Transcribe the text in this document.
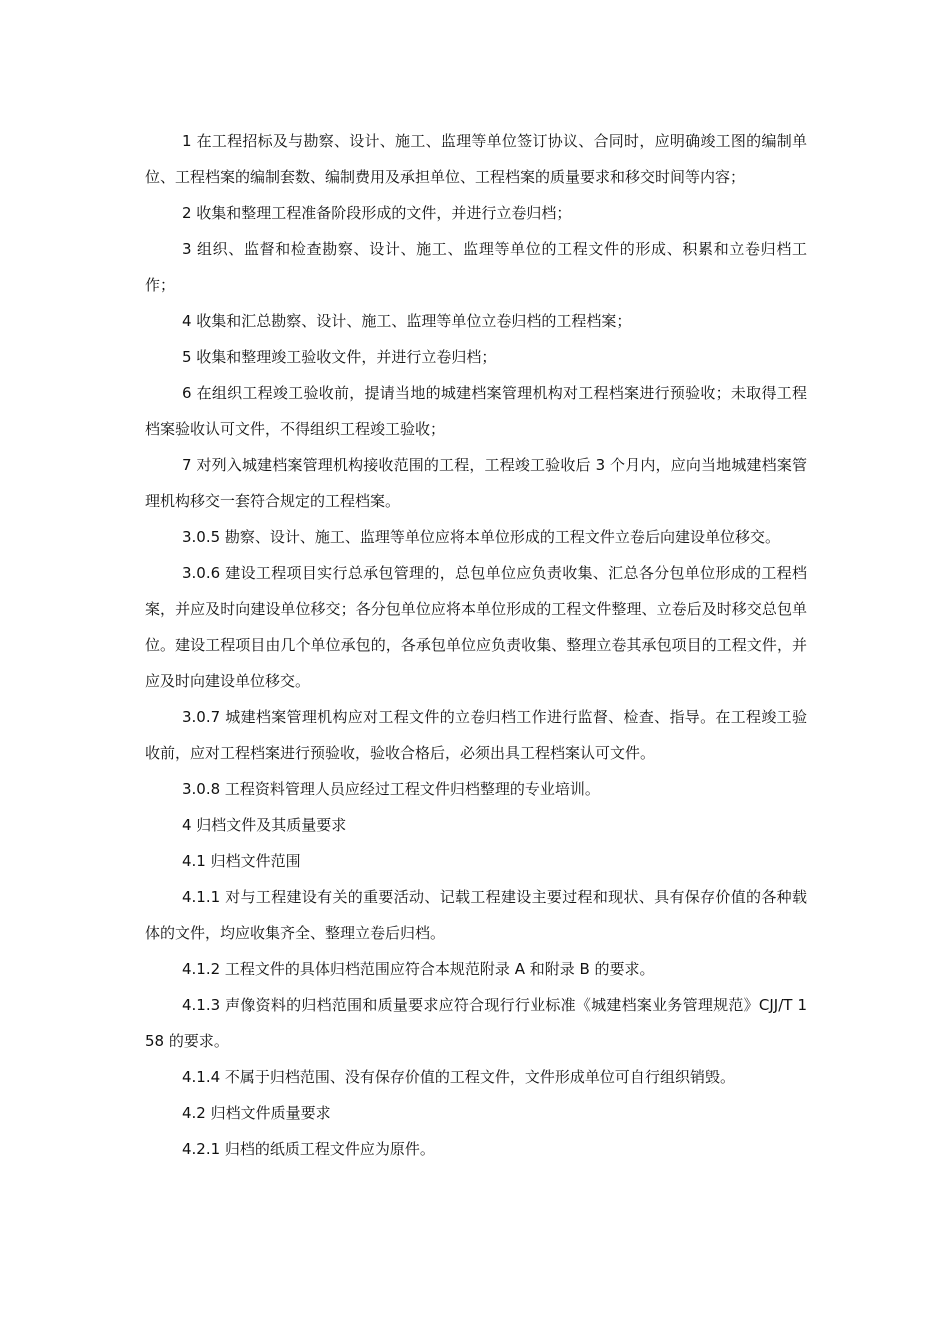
1 在工程招标及与勘察、设计、施工、监理等单位签订协议、合同时，应明确竣工图的编制单位、工程档案的编制套数、编制费用及承担单位、工程档案的质量要求和移交时间等内容；

2 收集和整理工程准备阶段形成的文件，并进行立卷归档；

3 组织、监督和检查勘察、设计、施工、监理等单位的工程文件的形成、积累和立卷归档工作；

4 收集和汇总勘察、设计、施工、监理等单位立卷归档的工程档案；

5 收集和整理竣工验收文件，并进行立卷归档；

6 在组织工程竣工验收前，提请当地的城建档案管理机构对工程档案进行预验收；未取得工程档案验收认可文件，不得组织工程竣工验收；

7 对列入城建档案管理机构接收范围的工程，工程竣工验收后 3 个月内，应向当地城建档案管理机构移交一套符合规定的工程档案。

3.0.5 勘察、设计、施工、监理等单位应将本单位形成的工程文件立卷后向建设单位移交。

3.0.6 建设工程项目实行总承包管理的，总包单位应负责收集、汇总各分包单位形成的工程档案，并应及时向建设单位移交；各分包单位应将本单位形成的工程文件整理、立卷后及时移交总包单位。建设工程项目由几个单位承包的，各承包单位应负责收集、整理立卷其承包项目的工程文件，并应及时向建设单位移交。

3.0.7 城建档案管理机构应对工程文件的立卷归档工作进行监督、检查、指导。在工程竣工验收前，应对工程档案进行预验收，验收合格后，必须出具工程档案认可文件。

3.0.8 工程资料管理人员应经过工程文件归档整理的专业培训。

4 归档文件及其质量要求

4.1 归档文件范围

4.1.1 对与工程建设有关的重要活动、记载工程建设主要过程和现状、具有保存价值的各种载体的文件，均应收集齐全、整理立卷后归档。

4.1.2 工程文件的具体归档范围应符合本规范附录 A 和附录 B 的要求。

4.1.3 声像资料的归档范围和质量要求应符合现行行业标准《城建档案业务管理规范》CJJ/T 158 的要求。

4.1.4 不属于归档范围、没有保存价值的工程文件，文件形成单位可自行组织销毁。

4.2 归档文件质量要求

4.2.1 归档的纸质工程文件应为原件。
